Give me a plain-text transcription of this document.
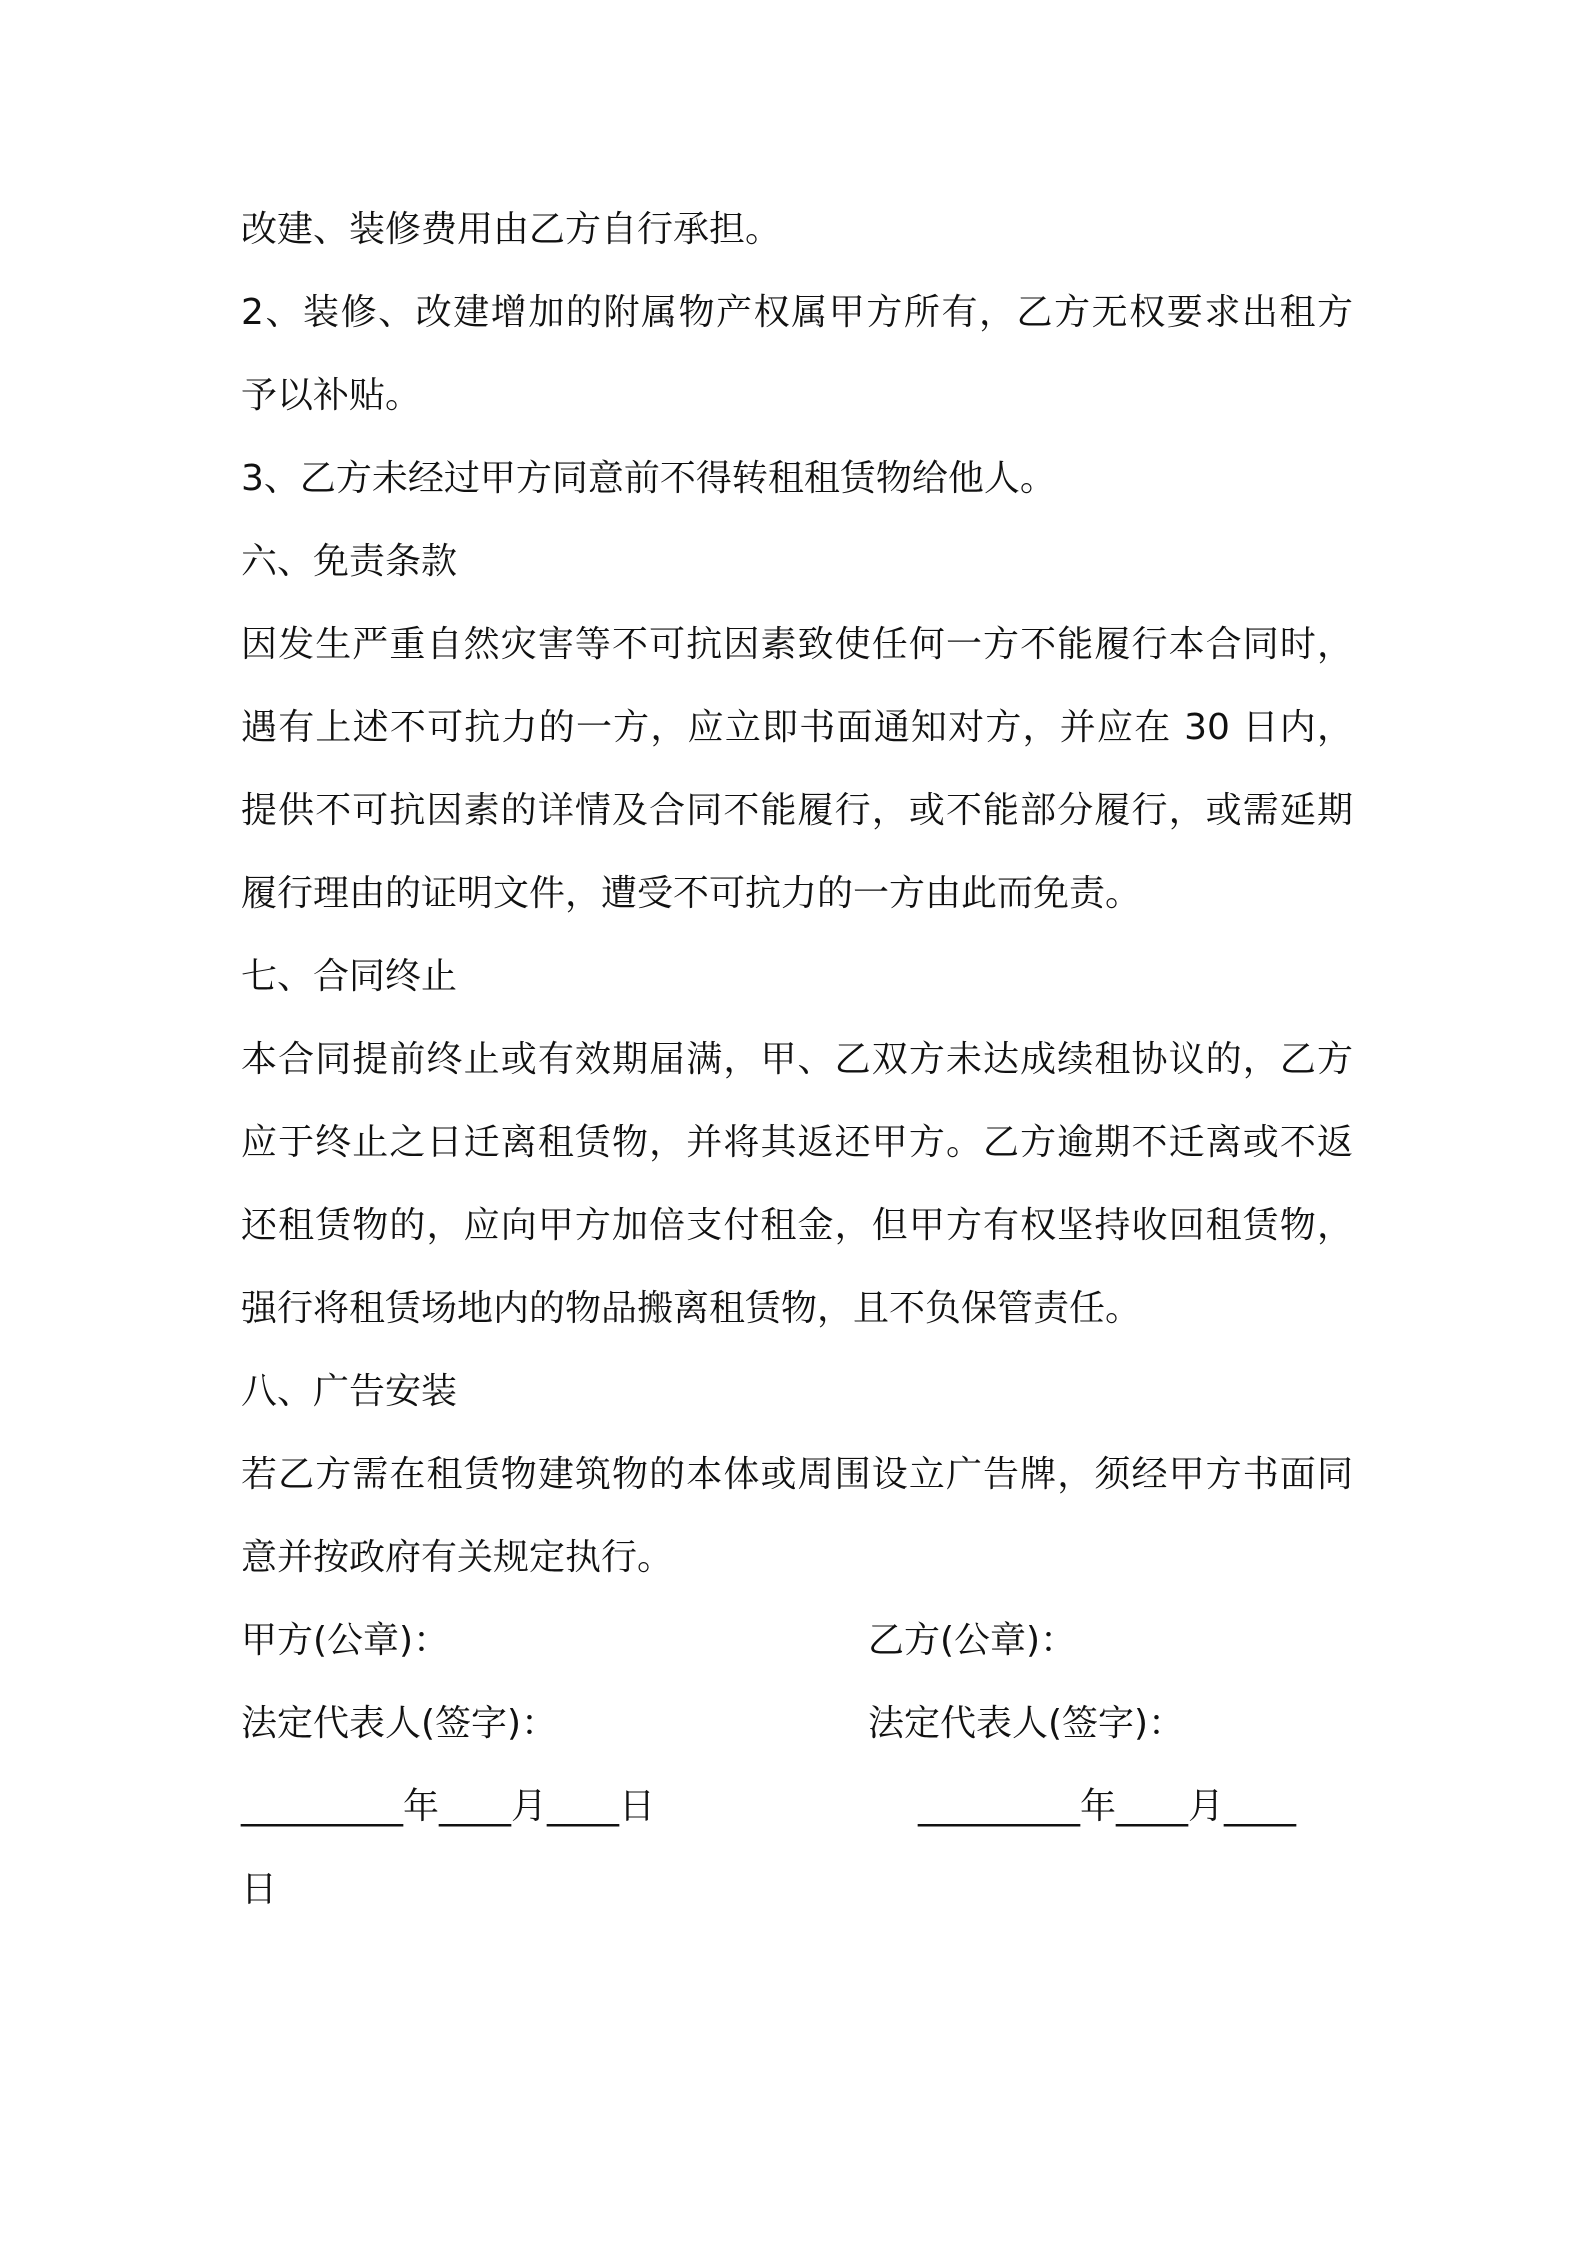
改建、装修费用由乙方自行承担。
2、装修、改建增加的附属物产权属甲方所有，乙方无权要求出租方
予以补贴。
3、乙方未经过甲方同意前不得转租租赁物给他人。
六、免责条款
因发生严重自然灾害等不可抗因素致使任何一方不能履行本合同时，
遇有上述不可抗力的一方，应立即书面通知对方，并应在 30 日内，
提供不可抗因素的详情及合同不能履行，或不能部分履行，或需延期
履行理由的证明文件，遭受不可抗力的一方由此而免责。
七、合同终止
本合同提前终止或有效期届满，甲、乙双方未达成续租协议的，乙方
应于终止之日迁离租赁物，并将其返还甲方。乙方逾期不迁离或不返
还租赁物的，应向甲方加倍支付租金，但甲方有权坚持收回租赁物，
强行将租赁场地内的物品搬离租赁物，且不负保管责任。
八、广告安装
若乙方需在租赁物建筑物的本体或周围设立广告牌，须经甲方书面同
意并按政府有关规定执行。
甲方(公章)：	乙方(公章)：
法定代表人(签字)：	法定代表人(签字)：
_________年____月____日	_________年____月____
日
